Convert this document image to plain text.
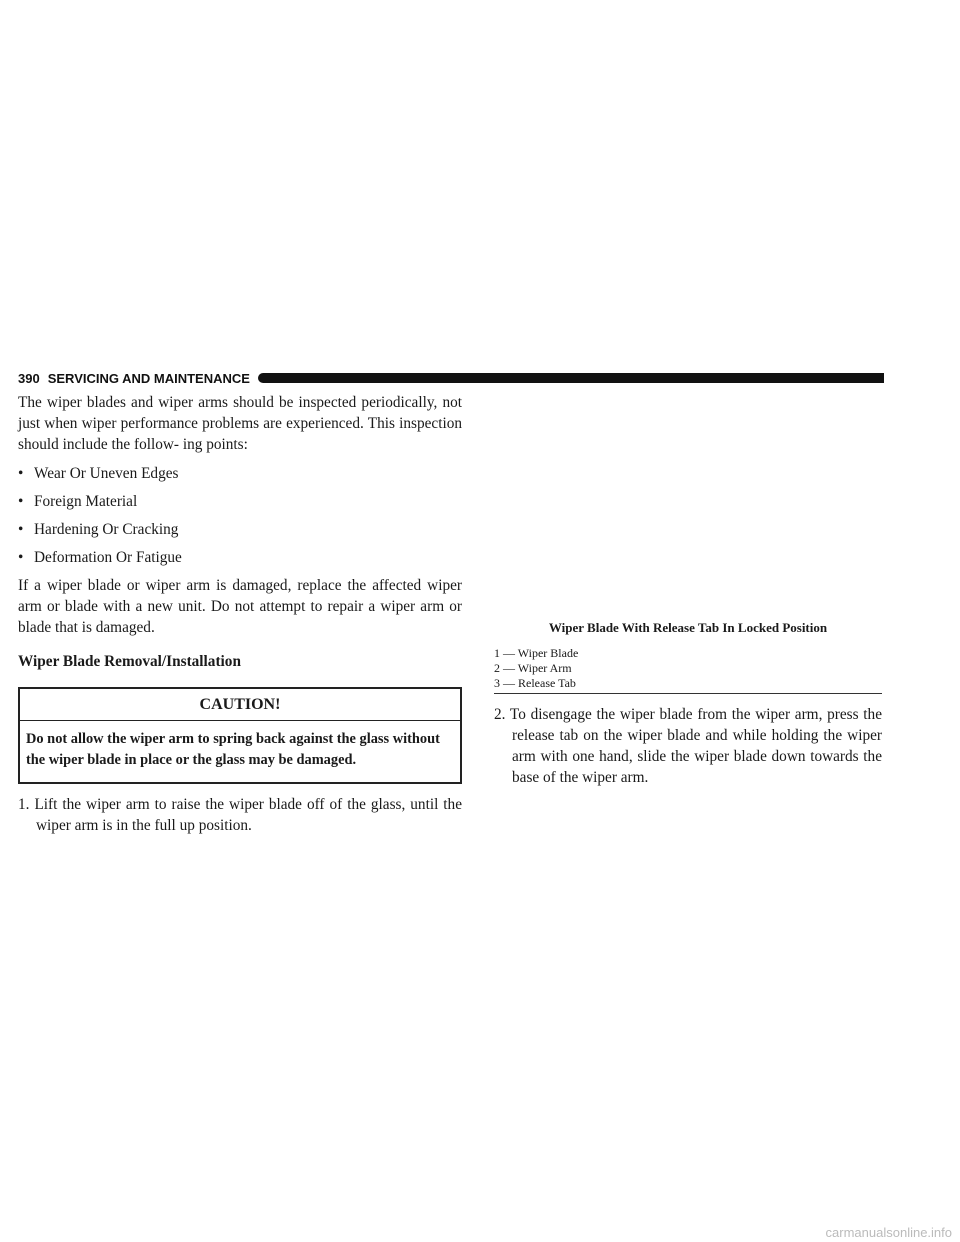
390 SERVICING AND MAINTENANCE

The wiper blades and wiper arms should be inspected periodically, not just when wiper performance problems are experienced. This inspection should include the follow- ing points:

• Wear Or Uneven Edges
• Foreign Material
• Hardening Or Cracking
• Deformation Or Fatigue

If a wiper blade or wiper arm is damaged, replace the affected wiper arm or blade with a new unit. Do not attempt to repair a wiper arm or blade that is damaged.

Wiper Blade Removal/Installation
CAUTION!
Do not allow the wiper arm to spring back against the glass without the wiper blade in place or the glass may be damaged.

1. Lift the wiper arm to raise the wiper blade off of the glass, until the wiper arm is in the full up position.

Wiper Blade With Release Tab In Locked Position
1 — Wiper Blade
2 — Wiper Arm
3 — Release Tab

2. To disengage the wiper blade from the wiper arm, press the release tab on the wiper blade and while holding the wiper arm with one hand, slide the wiper blade down towards the base of the wiper arm.

carmanualsonline.info
